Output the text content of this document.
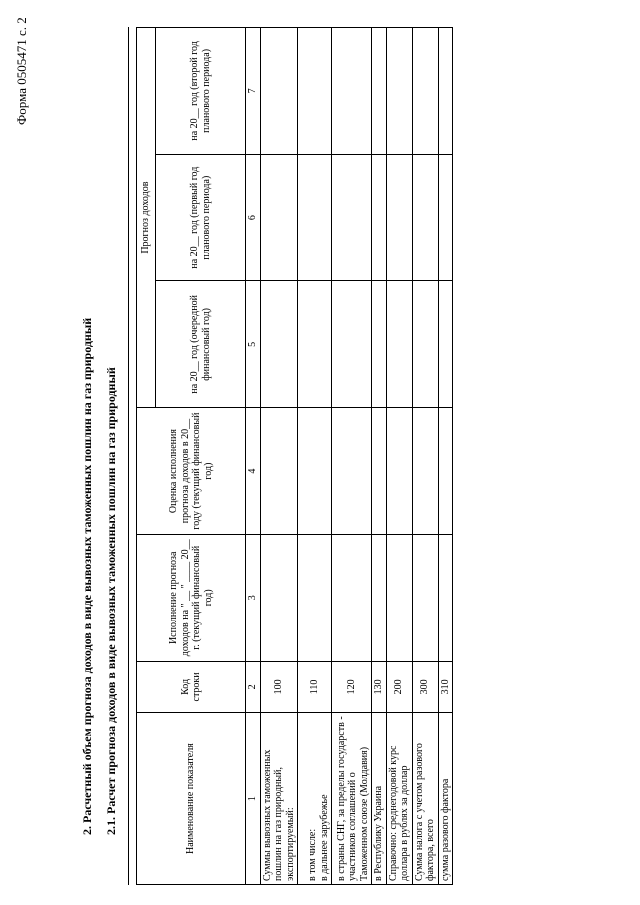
Форма 0505471 с. 2
2. Расчетный объем прогноза доходов в виде вывозных таможенных пошлин на газ природный 2.1. Расчет прогноза доходов в виде вывозных таможенных пошлин на газ природный	Наименование показателя	Код строки	Исполнение прогноза доходов на " __ " ____ 20__ г. (текущий финансовый год)	Оценка исполнения прогноза доходов в 20__ году (текущий финансовый год)	Прогноз доходов		
				на 20__ год (очередной финансовый год)	на 20__ год (первый год планового периода)	на 20__ год (второй год планового периода)
1	2	3	4	5	6	7
Суммы вывозных таможенных пошлин на газ природный, экспортируемый:	100					
в том числе:
в дальнее зарубежье	110					
в страны СНГ, за пределы государств - участников соглашений о Таможенном союзе (Молдавия)	120					
в Республику Украина	130					
Справочно: среднегодовой курс доллара в рублях за доллар	200					
Сумма налога с учетом разового фактора, всего	300					
сумма разового фактора	310					
